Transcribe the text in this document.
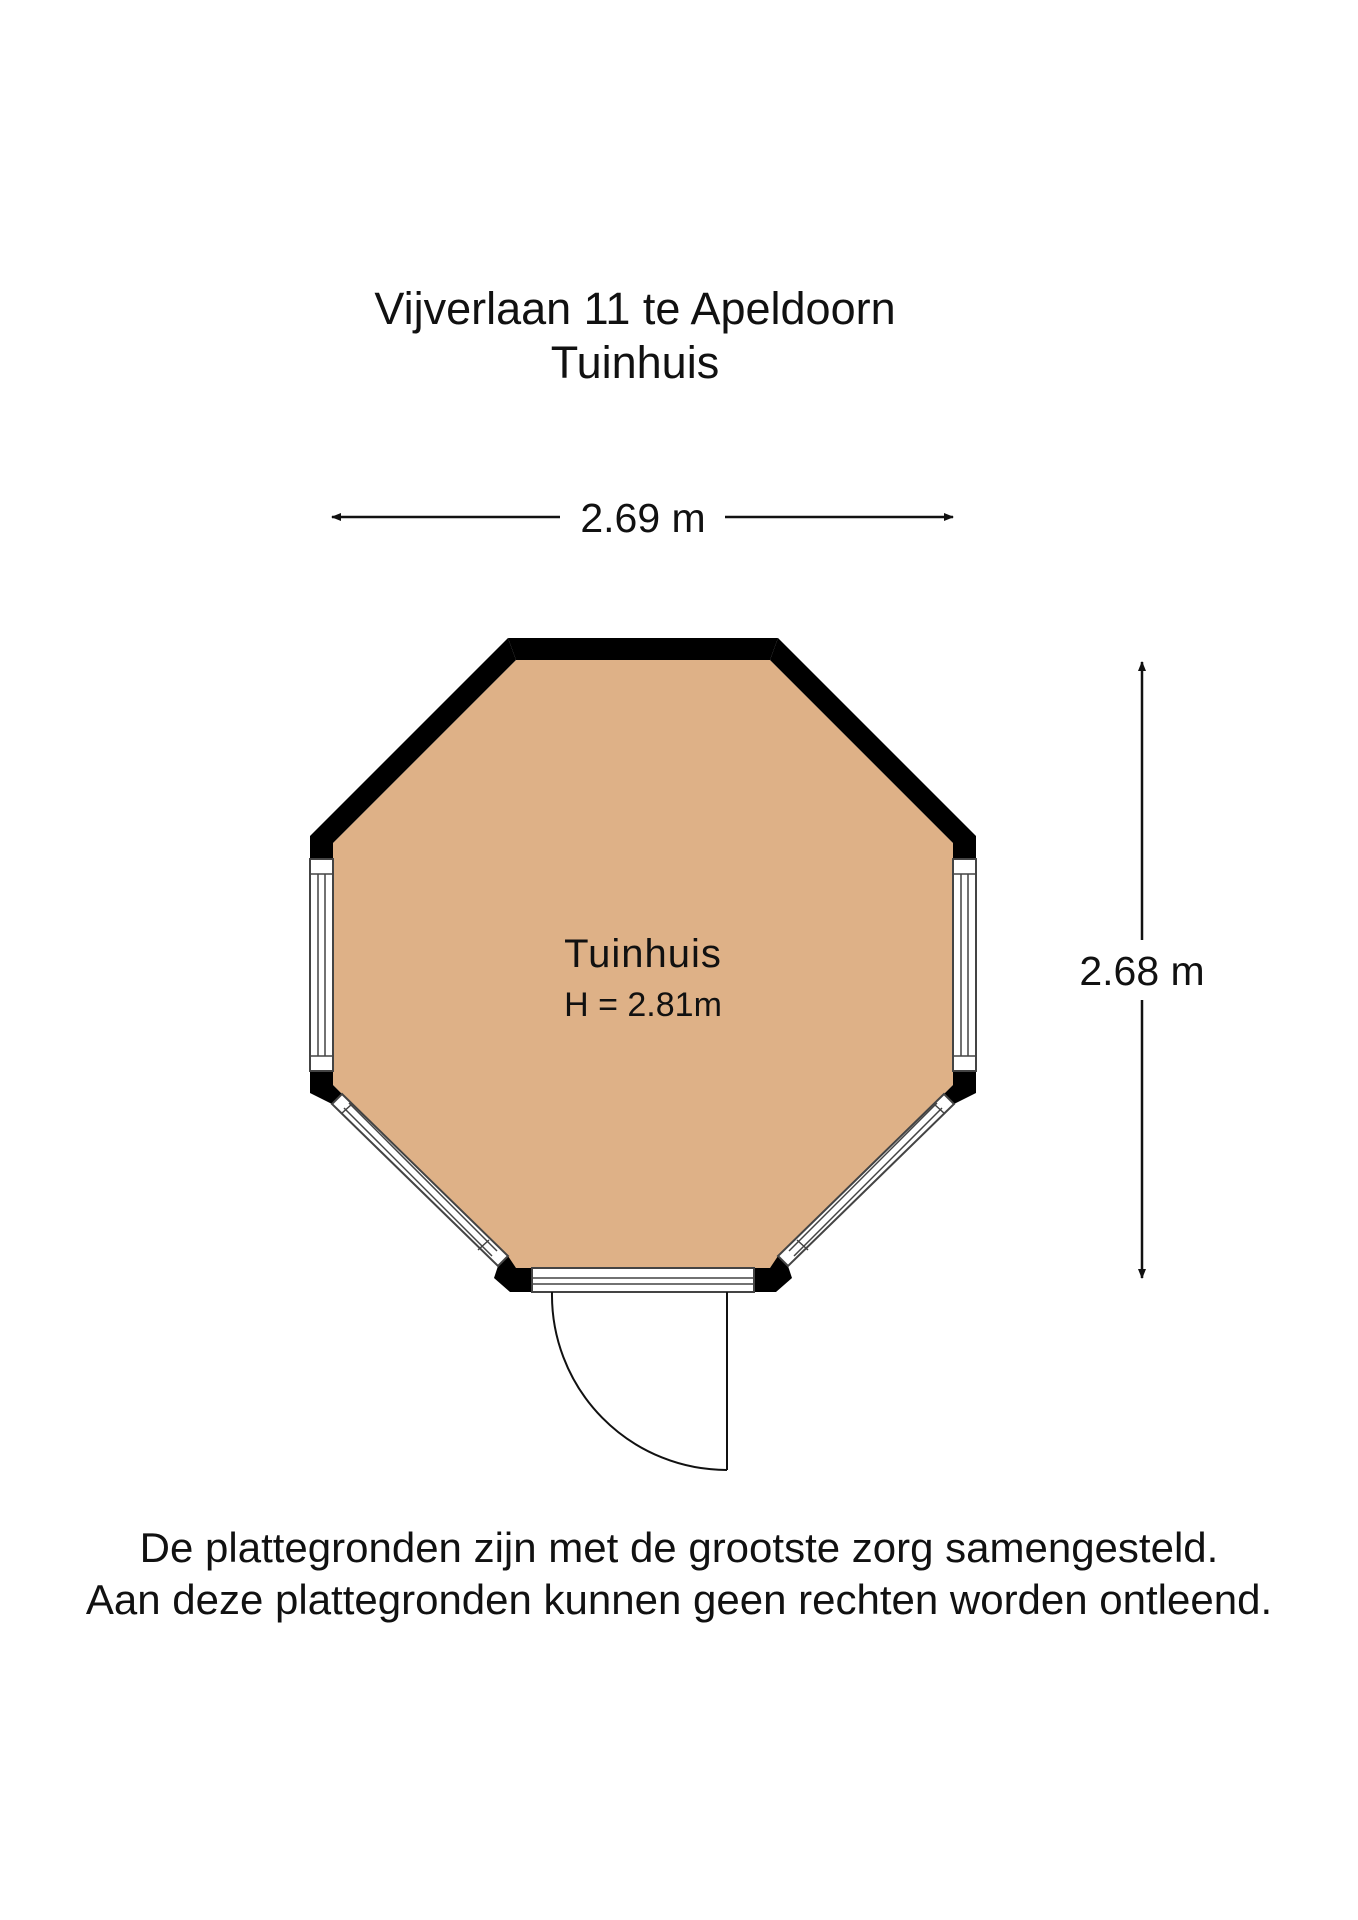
Vijverlaan 11 te Apeldoorn
Tuinhuis
2.69 m
2.68 m
Tuinhuis
H = 2.81m
De plattegronden zijn met de grootste zorg samengesteld.
Aan deze plattegronden kunnen geen rechten worden ontleend.
